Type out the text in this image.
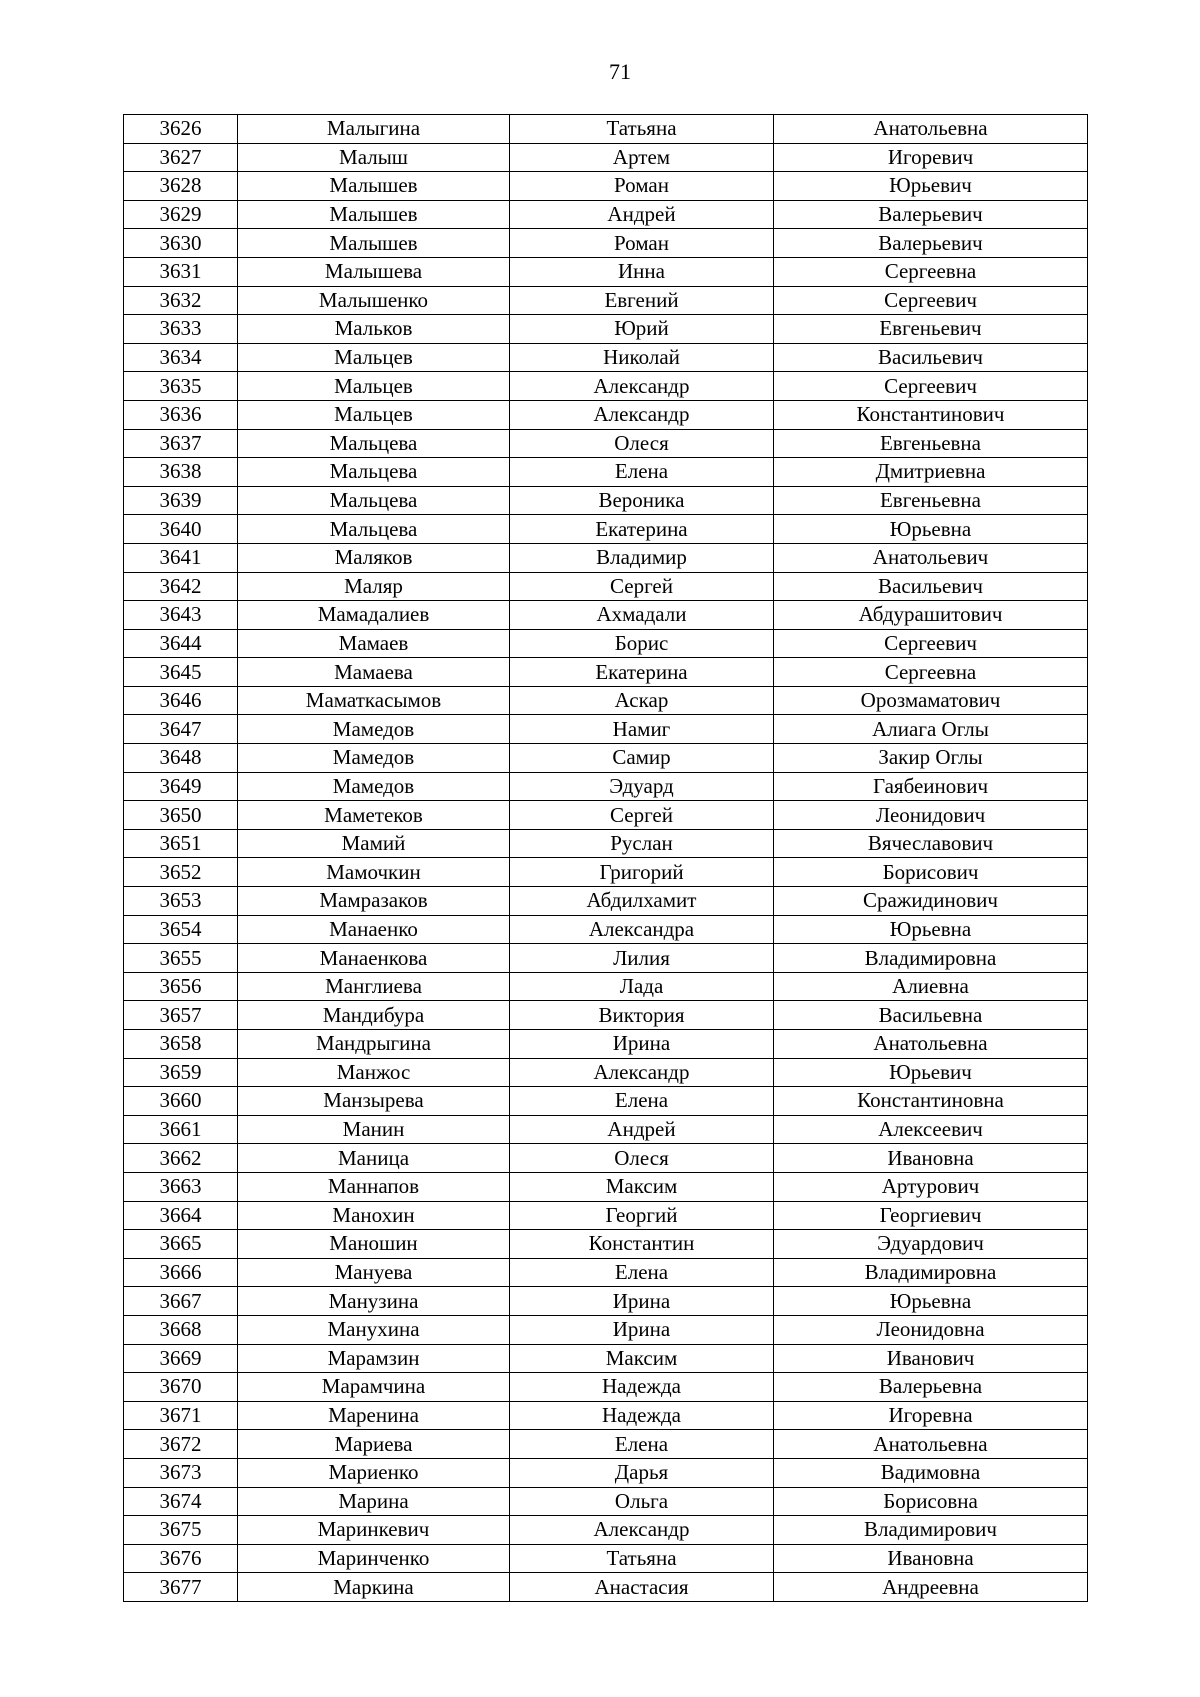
71
3626	Малыгина	Татьяна	Анатольевна
3627	Малыш	Артем	Игоревич
3628	Малышев	Роман	Юрьевич
3629	Малышев	Андрей	Валерьевич
3630	Малышев	Роман	Валерьевич
3631	Малышева	Инна	Сергеевна
3632	Малышенко	Евгений	Сергеевич
3633	Мальков	Юрий	Евгеньевич
3634	Мальцев	Николай	Васильевич
3635	Мальцев	Александр	Сергеевич
3636	Мальцев	Александр	Константинович
3637	Мальцева	Олеся	Евгеньевна
3638	Мальцева	Елена	Дмитриевна
3639	Мальцева	Вероника	Евгеньевна
3640	Мальцева	Екатерина	Юрьевна
3641	Маляков	Владимир	Анатольевич
3642	Маляр	Сергей	Васильевич
3643	Мамадалиев	Ахмадали	Абдурашитович
3644	Мамаев	Борис	Сергеевич
3645	Мамаева	Екатерина	Сергеевна
3646	Маматкасымов	Аскар	Орозмаматович
3647	Мамедов	Намиг	Алиага Оглы
3648	Мамедов	Самир	Закир Оглы
3649	Мамедов	Эдуард	Гаябеинович
3650	Маметеков	Сергей	Леонидович
3651	Мамий	Руслан	Вячеславович
3652	Мамочкин	Григорий	Борисович
3653	Мамразаков	Абдилхамит	Сражидинович
3654	Манаенко	Александра	Юрьевна
3655	Манаенкова	Лилия	Владимировна
3656	Манглиева	Лада	Алиевна
3657	Мандибура	Виктория	Васильевна
3658	Мандрыгина	Ирина	Анатольевна
3659	Манжос	Александр	Юрьевич
3660	Манзырева	Елена	Константиновна
3661	Манин	Андрей	Алексеевич
3662	Маница	Олеся	Ивановна
3663	Маннапов	Максим	Артурович
3664	Манохин	Георгий	Георгиевич
3665	Маношин	Константин	Эдуардович
3666	Мануева	Елена	Владимировна
3667	Манузина	Ирина	Юрьевна
3668	Манухина	Ирина	Леонидовна
3669	Марамзин	Максим	Иванович
3670	Марамчина	Надежда	Валерьевна
3671	Маренина	Надежда	Игоревна
3672	Мариева	Елена	Анатольевна
3673	Мариенко	Дарья	Вадимовна
3674	Марина	Ольга	Борисовна
3675	Маринкевич	Александр	Владимирович
3676	Маринченко	Татьяна	Ивановна
3677	Маркина	Анастасия	Андреевна
